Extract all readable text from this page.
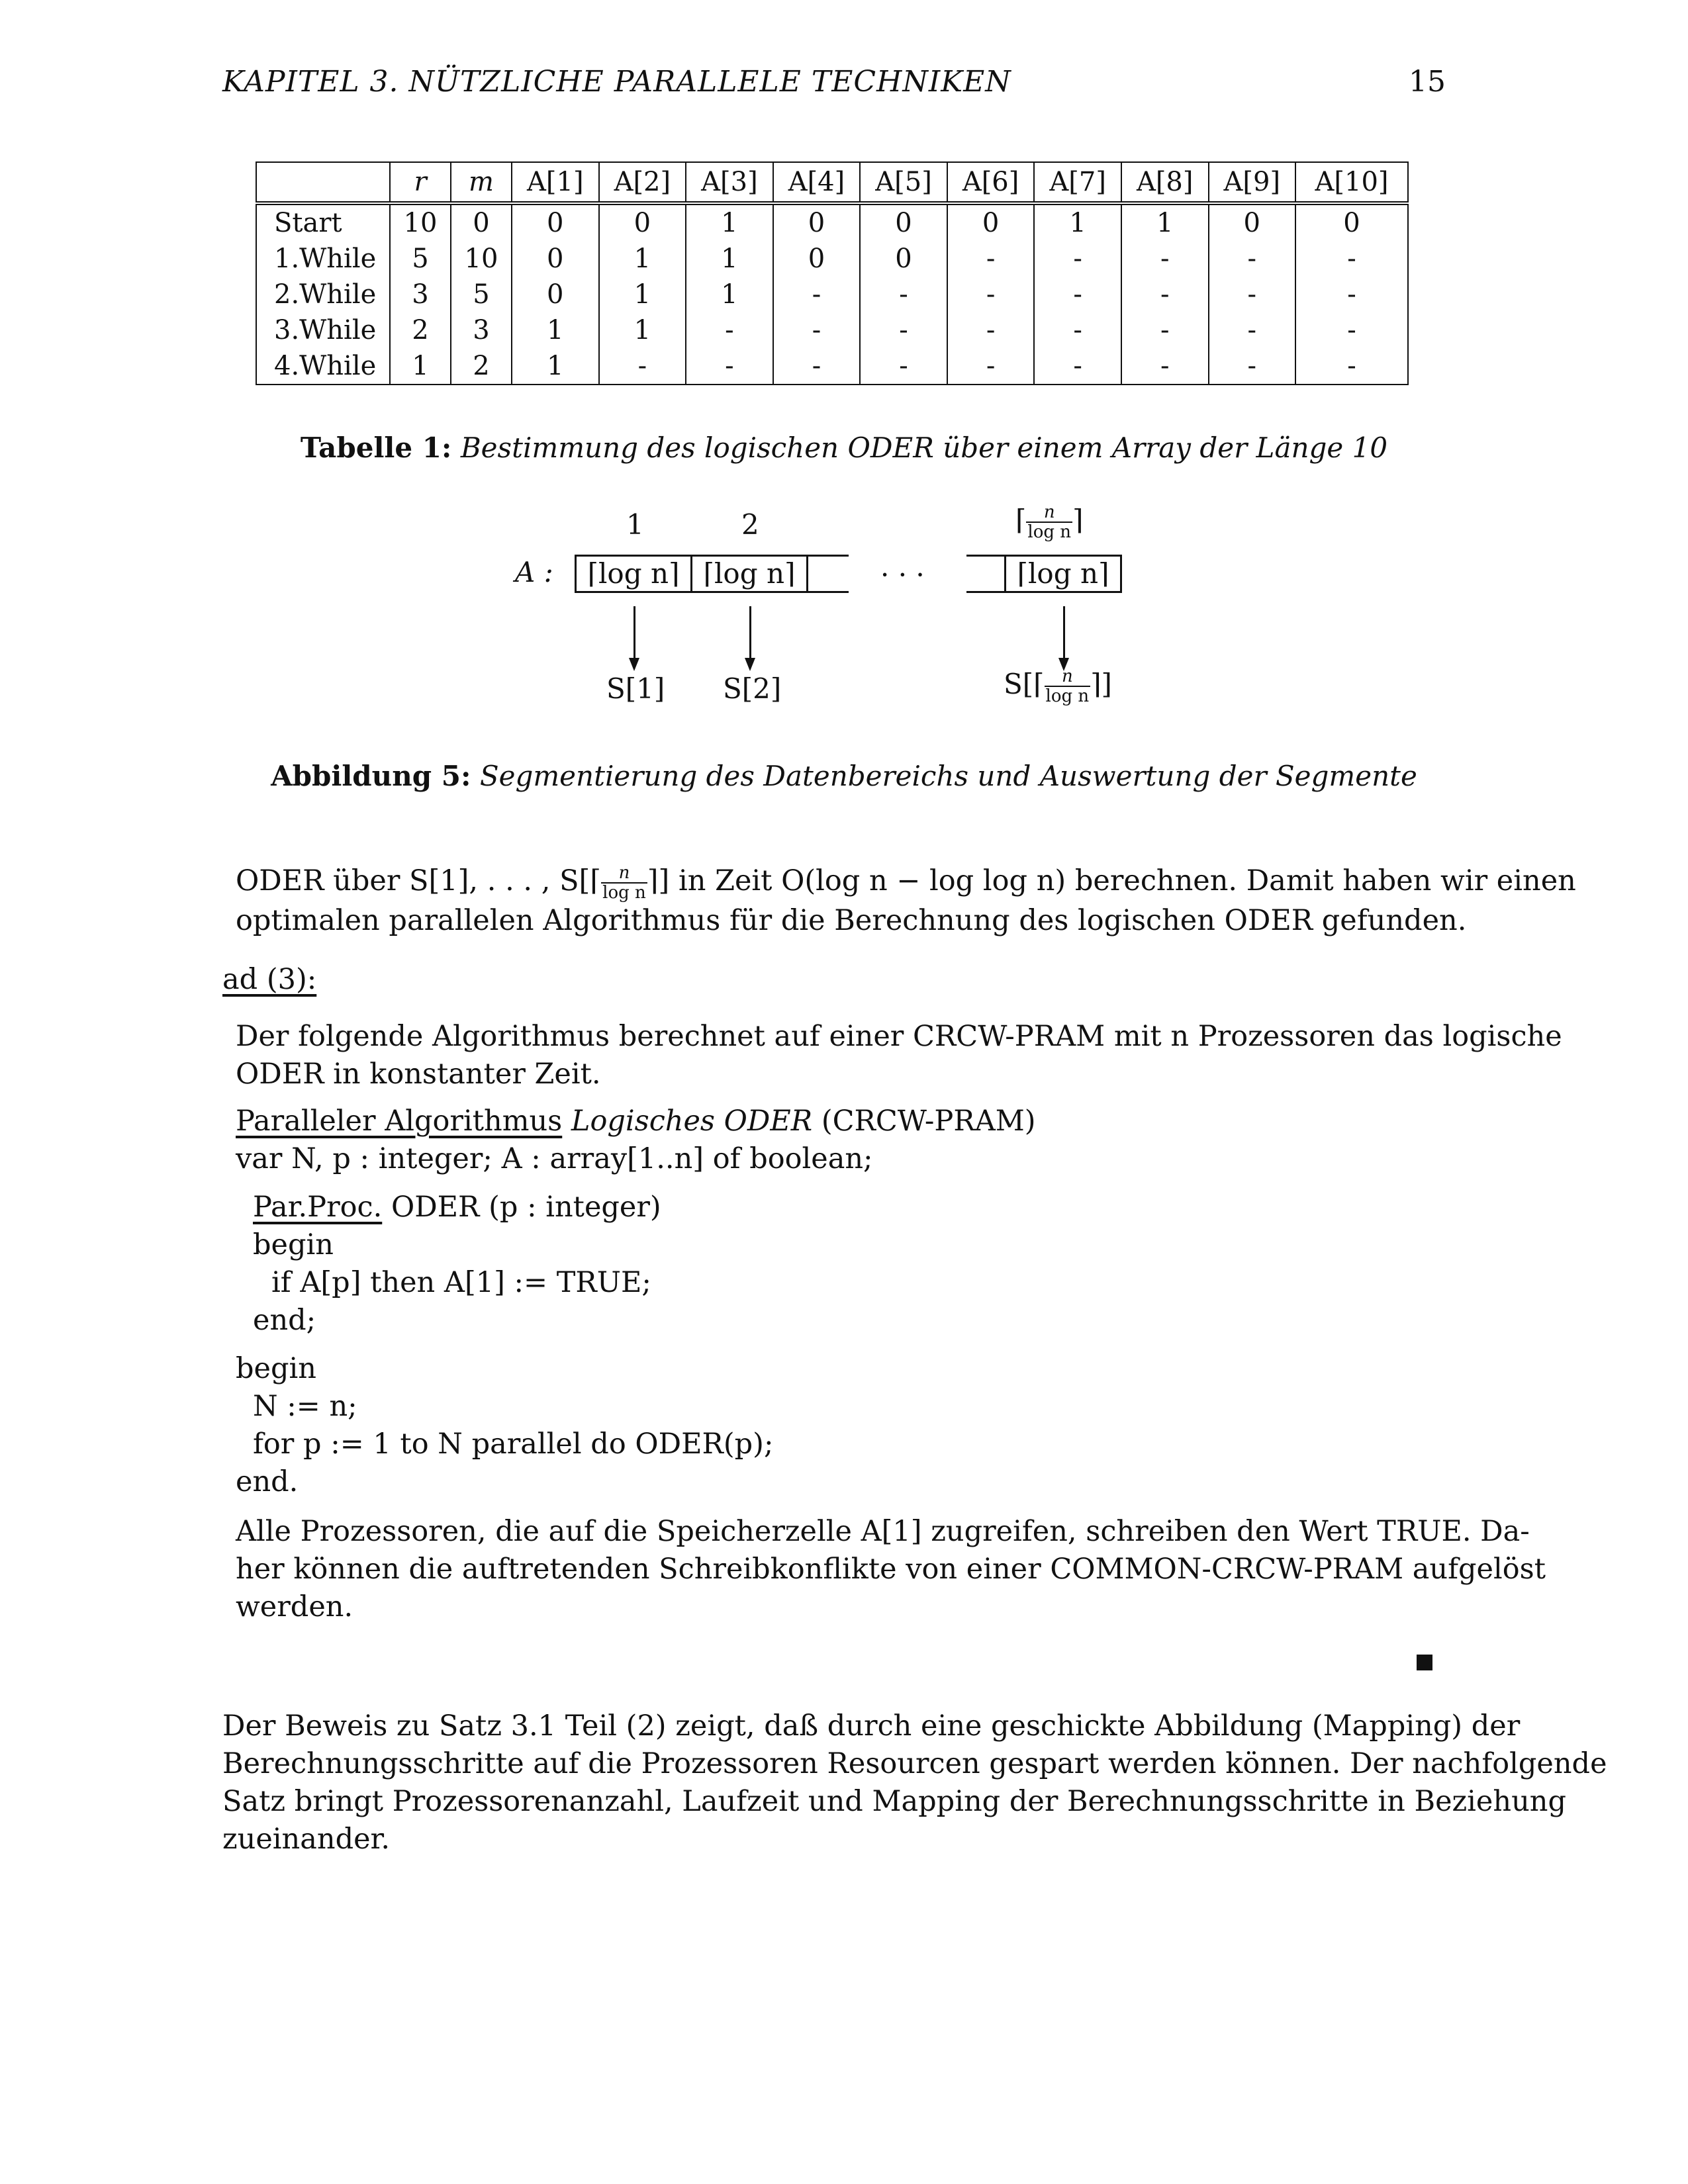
KAPITEL 3. NÜTZLICHE PARALLELE TECHNIKEN	15
	r	m	A[1]	A[2]	A[3]	A[4]	A[5]	A[6]	A[7]	A[8]	A[9]	A[10]
Start	10	0	0	0	1	0	0	0	1	1	0	0
1.While	5	10	0	1	1	0	0	-	-	-	-	-
2.While	3	5	0	1	1	-	-	-	-	-	-	-
3.While	2	3	1	1	-	-	-	-	-	-	-	-
4.While	1	2	1	-	-	-	-	-	-	-	-	-
Tabelle 1: Bestimmung des logischen ODER über einem Array der Länge 10
1	2	⌈ $\frac{n}{\text{log n}}$ ⌉
A :	⌈log n⌉ ⌈log n⌉	· · ·	⌈log n⌉
S[1] S[2]	S[⌈ $\frac{n}{\text{log n}}$ ⌉]
Abbildung 5: Segmentierung des Datenbereichs und Auswertung der Segmente
ODER über S[1], . . . , S[⌈ $\frac{n}{\text{log n}}$ ⌉] in Zeit O(log n − log log n) berechnen. Damit haben wir einen
optimalen parallelen Algorithmus für die Berechnung des logischen ODER gefunden.
ad (3):
Der folgende Algorithmus berechnet auf einer CRCW-PRAM mit n Prozessoren das logische
ODER in konstanter Zeit.
Paralleler Algorithmus Logisches ODER (CRCW-PRAM)
var N, p : integer; A : array[1..n] of boolean;
Par.Proc. ODER (p : integer)
begin
if A[p] then A[1] := TRUE;
end;
begin
N := n;
for p := 1 to N parallel do ODER(p);
end.
Alle Prozessoren, die auf die Speicherzelle A[1] zugreifen, schreiben den Wert TRUE. Da-
her können die auftretenden Schreibkonflikte von einer COMMON-CRCW-PRAM aufgelöst
werden.
Der Beweis zu Satz 3.1 Teil (2) zeigt, daß durch eine geschickte Abbildung (Mapping) der
Berechnungsschritte auf die Prozessoren Resourcen gespart werden können. Der nachfolgende
Satz bringt Prozessorenanzahl, Laufzeit und Mapping der Berechnungsschritte in Beziehung
zueinander.
